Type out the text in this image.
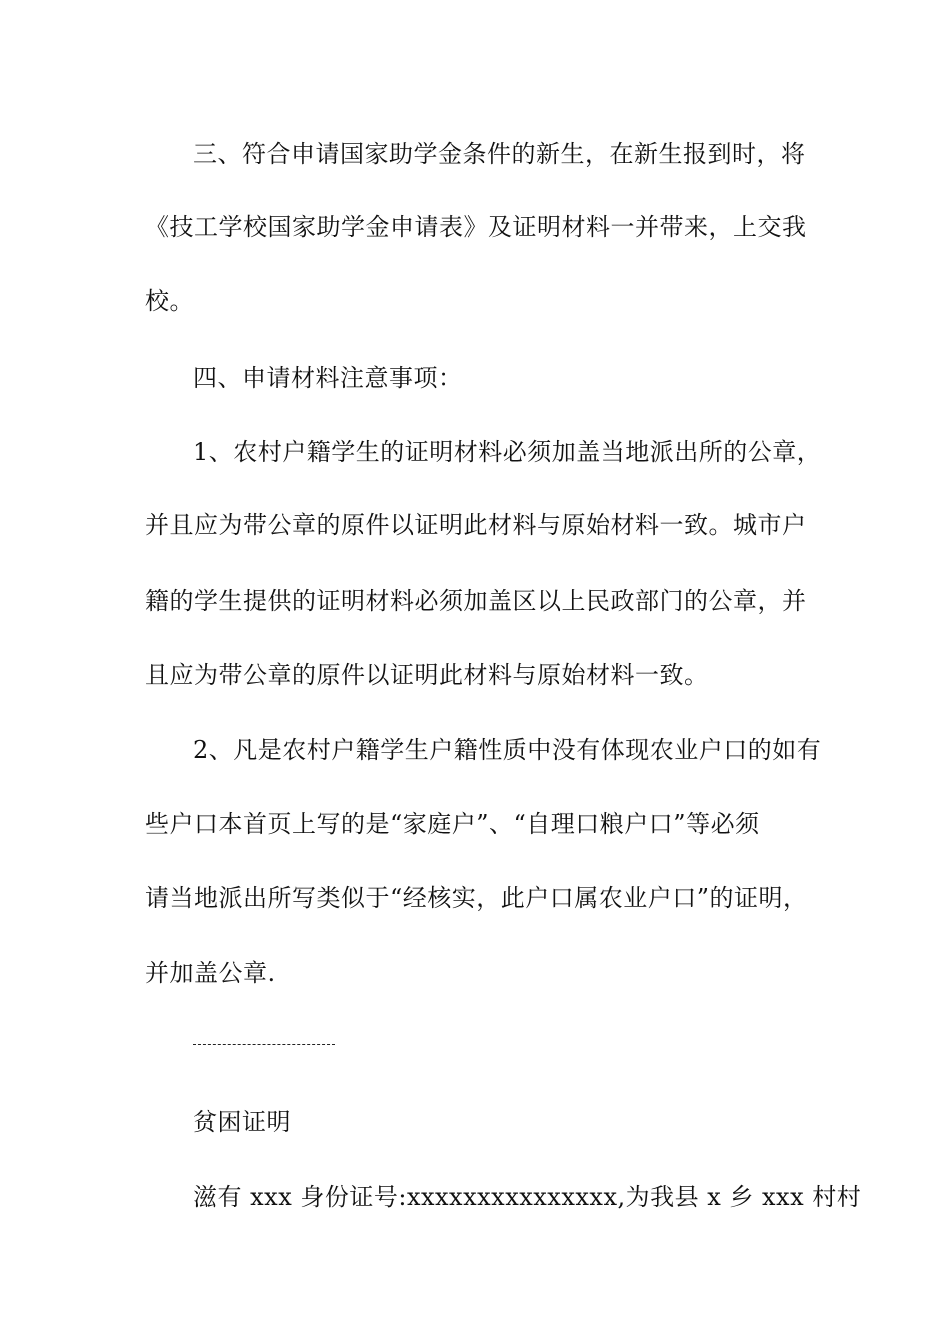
三、符合申请国家助学金条件的新生，在新生报到时，将
《技工学校国家助学金申请表》及证明材料一并带来，上交我
校。
四、申请材料注意事项：
1、农村户籍学生的证明材料必须加盖当地派出所的公章，
并且应为带公章的原件以证明此材料与原始材料一致。城市户
籍的学生提供的证明材料必须加盖区以上民政部门的公章，并
且应为带公章的原件以证明此材料与原始材料一致。
2、凡是农村户籍学生户籍性质中没有体现农业户口的如有
些户口本首页上写的是“家庭户”、“自理口粮户口”等必须
请当地派出所写类似于“经核实，此户口属农业户口”的证明，
并加盖公章.
贫困证明
滋有 xxx 身份证号:xxxxxxxxxxxxxxx,为我县 x 乡 xxx 村村
